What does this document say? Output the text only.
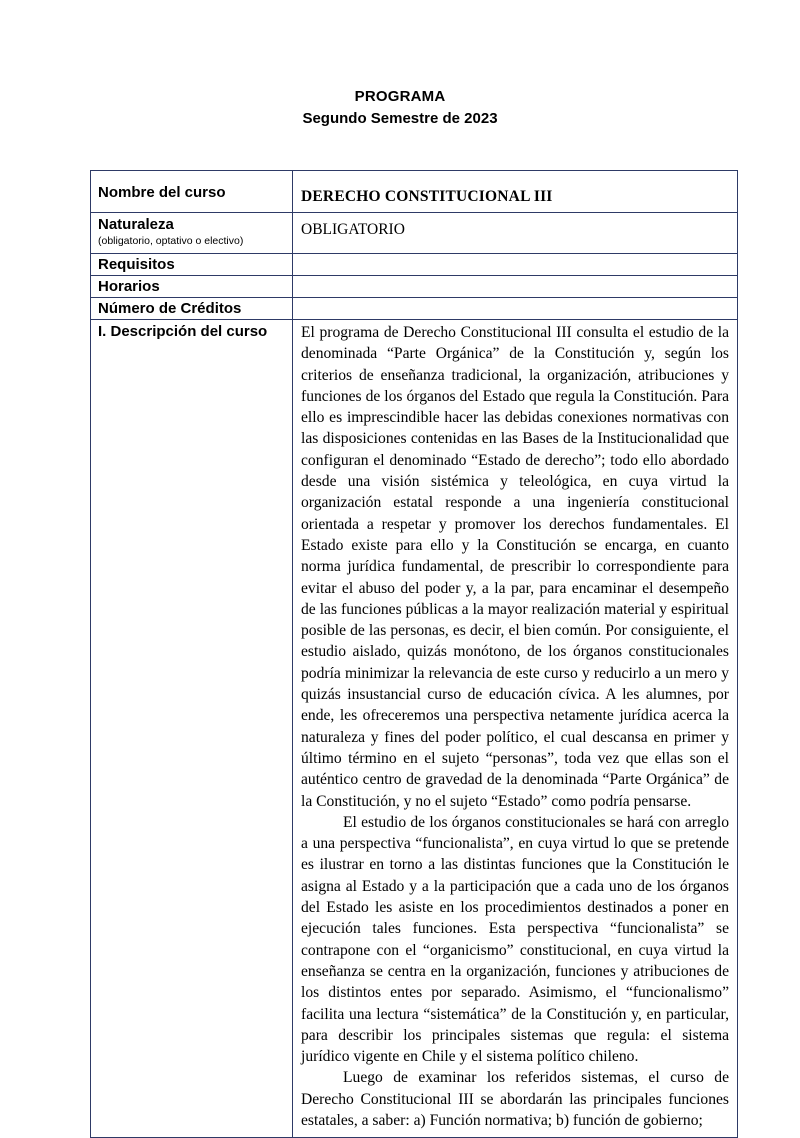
PROGRAMA
Segundo Semestre de 2023
Nombre del curso	DERECHO CONSTITUCIONAL III
Naturaleza
(obligatorio, optativo o electivo)	OBLIGATORIO
Requisitos	
Horarios	
Número de Créditos	
I. Descripción del curso	El programa de Derecho Constitucional III consulta el estudio de la denominada “Parte Orgánica” de la Constitución y, según los criterios de enseñanza tradicional, la organización, atribuciones y funciones de los órganos del Estado que regula la Constitución. Para ello es imprescindible hacer las debidas conexiones normativas con las disposiciones contenidas en las Bases de la Institucionalidad que configuran el denominado “Estado de derecho”; todo ello abordado desde una visión sistémica y teleológica, en cuya virtud la organización estatal responde a una ingeniería constitucional orientada a respetar y promover los derechos fundamentales. El Estado existe para ello y la Constitución se encarga, en cuanto norma jurídica fundamental, de prescribir lo correspondiente para evitar el abuso del poder y, a la par, para encaminar el desempeño de las funciones públicas a la mayor realización material y espiritual posible de las personas, es decir, el bien común. Por consiguiente, el estudio aislado, quizás monótono, de los órganos constitucionales podría minimizar la relevancia de este curso y reducirlo a un mero y quizás insustancial curso de educación cívica. A les alumnes, por ende, les ofreceremos una perspectiva netamente jurídica acerca la naturaleza y fines del poder político, el cual descansa en primer y último término en el sujeto “personas”, toda vez que ellas son el auténtico centro de gravedad de la denominada “Parte Orgánica” de la Constitución, y no el sujeto “Estado” como podría pensarse.

El estudio de los órganos constitucionales se hará con arreglo a una perspectiva “funcionalista”, en cuya virtud lo que se pretende es ilustrar en torno a las distintas funciones que la Constitución le asigna al Estado y a la participación que a cada uno de los órganos del Estado les asiste en los procedimientos destinados a poner en ejecución tales funciones. Esta perspectiva “funcionalista” se contrapone con el “organicismo” constitucional, en cuya virtud la enseñanza se centra en la organización, funciones y atribuciones de los distintos entes por separado. Asimismo, el “funcionalismo” facilita una lectura “sistemática” de la Constitución y, en particular, para describir los principales sistemas que regula: el sistema jurídico vigente en Chile y el sistema político chileno.

Luego de examinar los referidos sistemas, el curso de Derecho Constitucional III se abordarán las principales funciones estatales, a saber: a) Función normativa; b) función de gobierno;
